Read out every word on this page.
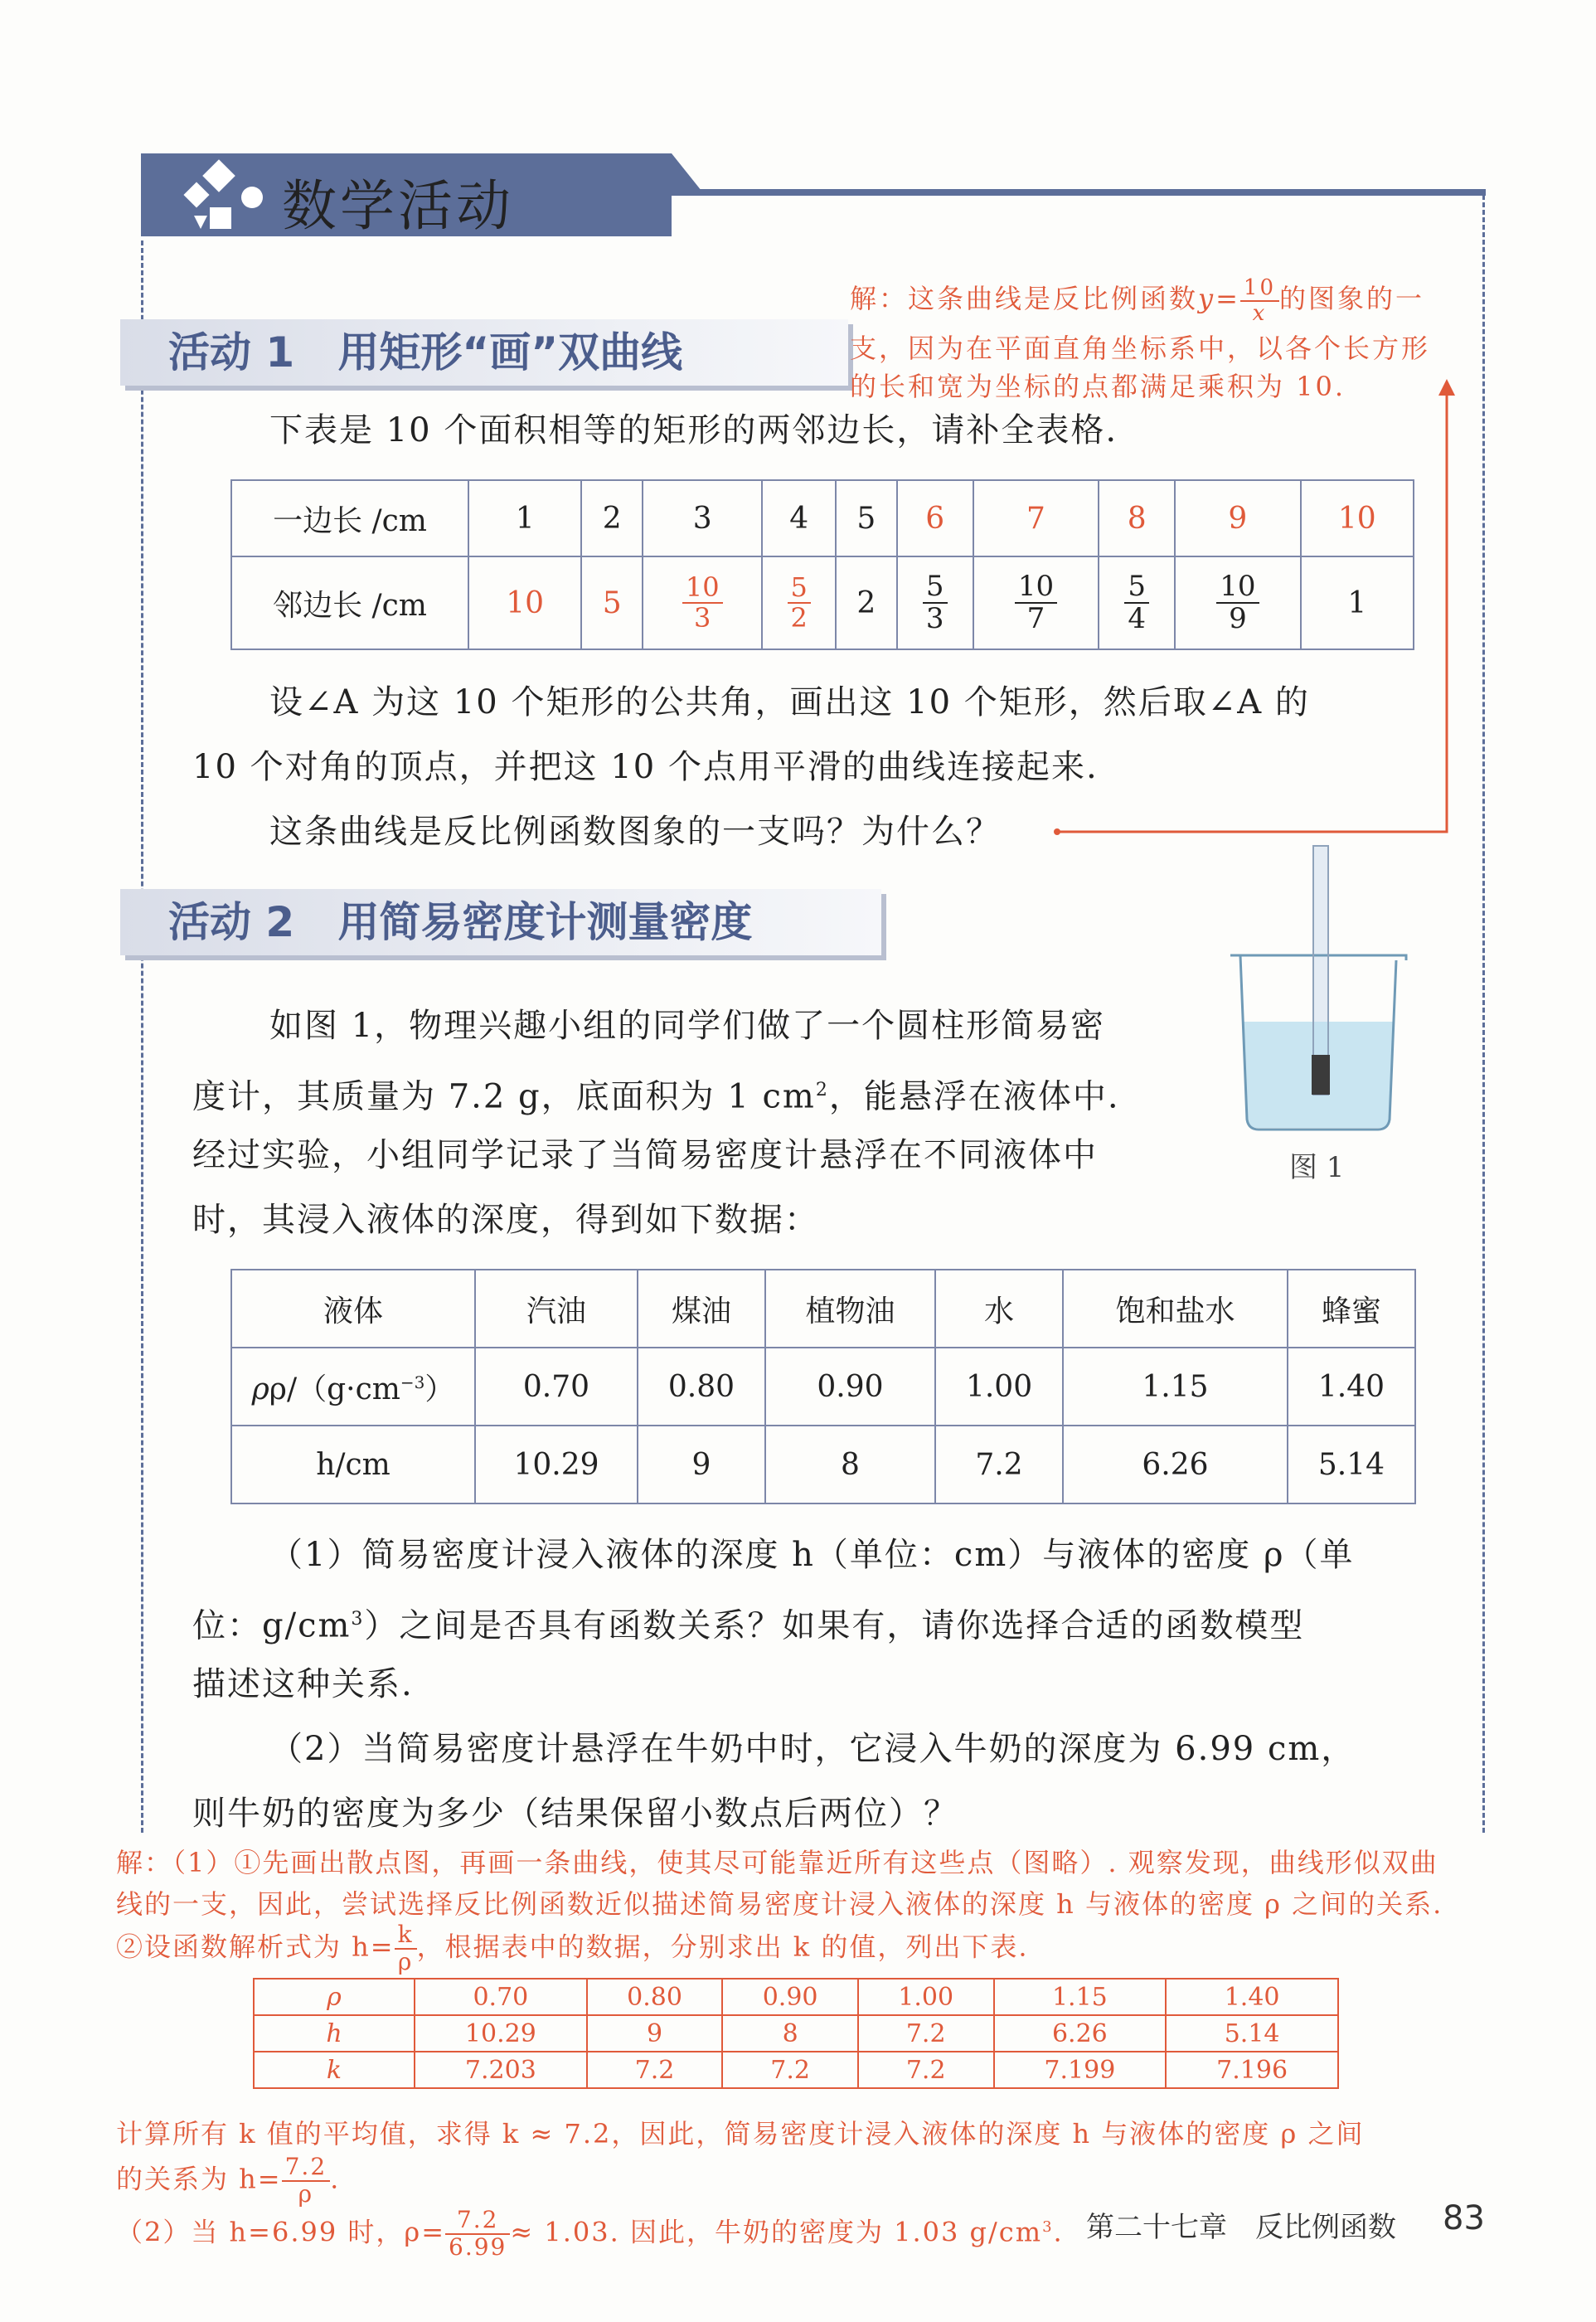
数学活动
活动 1 用矩形“画”双曲线
解：这条曲线是反比例函数$y= \frac{10}{x}$ 的图象的一
支，因为在平面直角坐标系中，以各个长方形
的长和宽为坐标的点都满足乘积为 10.
下表是 10 个面积相等的矩形的两邻边长，请补全表格.
一边长 /cm	1	2	3	4	5	6	7	8	9	10
邻边长 /cm	10	5	$\frac{10}{3}$	$\frac{5}{2}$	2	$\frac{5}{3}$	$\frac{10}{7}$	$\frac{5}{4}$	$\frac{10}{9}$	1
设∠A 为这 10 个矩形的公共角，画出这 10 个矩形，然后取∠A 的
10 个对角的顶点，并把这 10 个点用平滑的曲线连接起来.
这条曲线是反比例函数图象的一支吗？为什么？
活动 2 用简易密度计测量密度
图 1
如图 1，物理兴趣小组的同学们做了一个圆柱形简易密
度计，其质量为 7.2 g，底面积为 1 $cm^2$，能悬浮在液体中.
经过实验，小组同学记录了当简易密度计悬浮在不同液体中
时，其浸入液体的深度，得到如下数据：
液体	汽油	煤油	植物油	水	饱和盐水	蜂蜜
$\rho\rho/(g\cdot cm^{-3})$	0.70	0.80	0.90	1.00	1.15	1.40
h/cm	10.29	9	8	7.2	6.26	5.14
（1）简易密度计浸入液体的深度 h（单位：cm）与液体的密度 ρ（单
位：$g/cm^3$）之间是否具有函数关系？如果有，请你选择合适的函数模型
描述这种关系.
（2）当简易密度计悬浮在牛奶中时，它浸入牛奶的深度为 6.99 cm，
则牛奶的密度为多少（结果保留小数点后两位）？
解：（1）①先画出散点图，再画一条曲线，使其尽可能靠近所有这些点（图略）. 观察发现，曲线形似双曲
线的一支，因此，尝试选择反比例函数近似描述简易密度计浸入液体的深度 h 与液体的密度 ρ 之间的关系.
②设函数解析式为 $h= \frac{k}{\rho}$ ，根据表中的数据，分别求出 k 的值，列出下表.
ρ	0.70	0.80	0.90	1.00	1.15	1.40
h	10.29	9	8	7.2	6.26	5.14
k	7.203	7.2	7.2	7.2	7.199	7.196
计算所有 k 值的平均值，求得 k ≈ 7.2，因此，简易密度计浸入液体的深度 h 与液体的密度 ρ 之间
的关系为 $h= \frac{7.2}{\rho}$ .
（2）当 h=6.99 时，$\rho= \frac{7.2}{6.99} \approx 1.03$. 因此，牛奶的密度为 1.03 $g/cm^3$. 第二十七章　反比例函数 83
